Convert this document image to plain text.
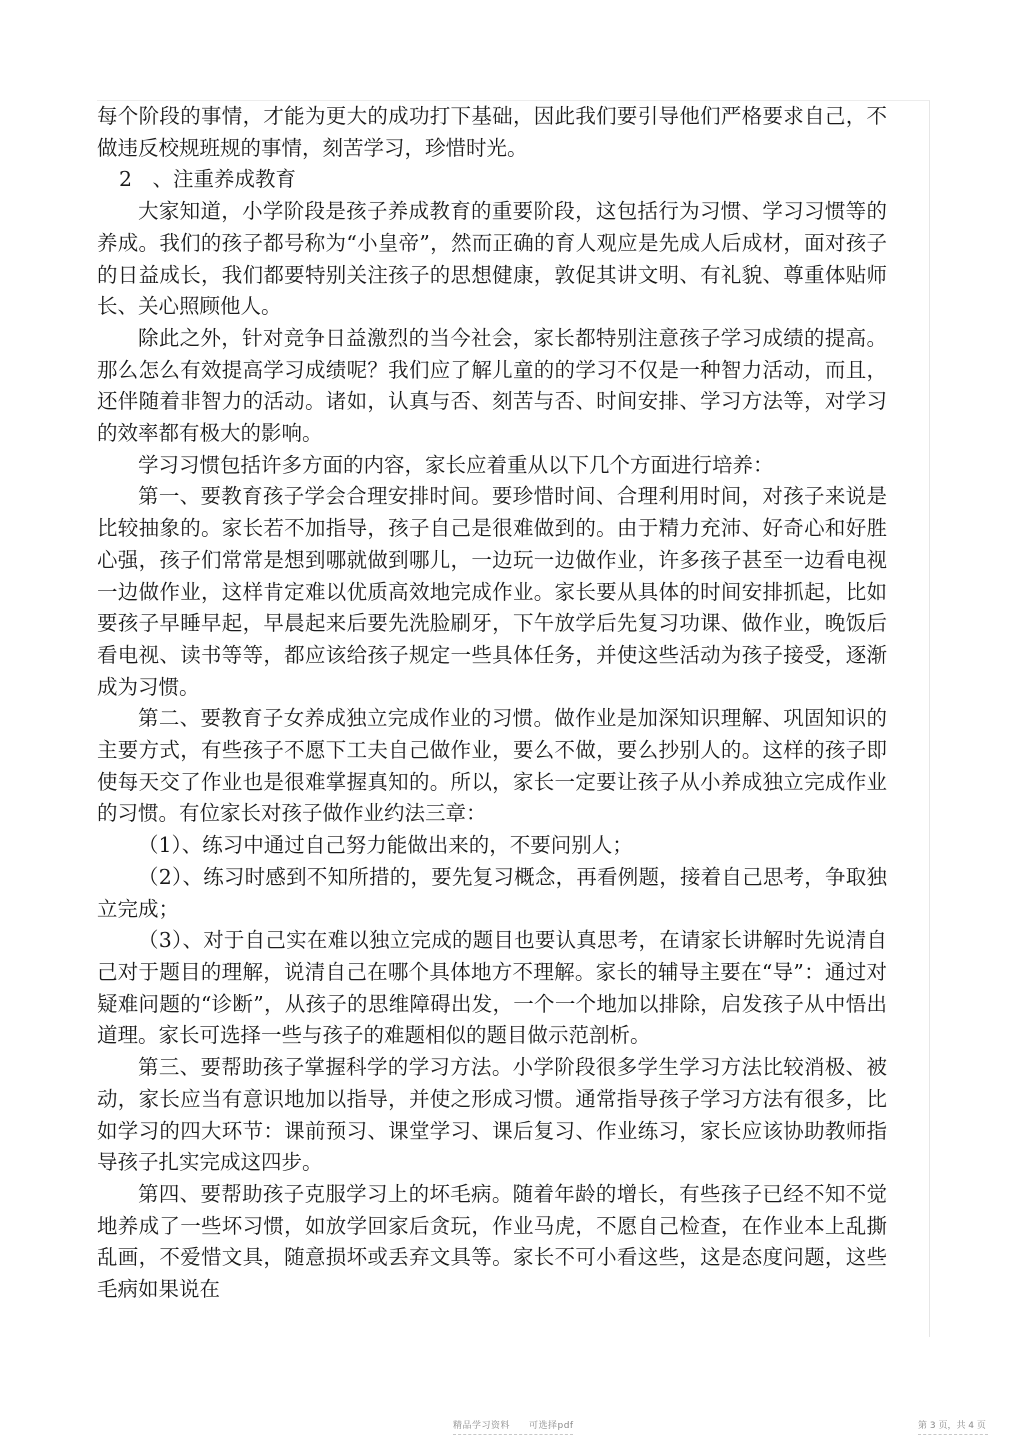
每个阶段的事情，才能为更大的成功打下基础，因此我们要引导他们严格要求自己，不做违反校规班规的事情，刻苦学习，珍惜时光。

2　、注重养成教育

大家知道，小学阶段是孩子养成教育的重要阶段，这包括行为习惯、学习习惯等的养成。我们的孩子都号称为“小皇帝”，然而正确的育人观应是先成人后成材，面对孩子的日益成长，我们都要特别关注孩子的思想健康，敦促其讲文明、有礼貌、尊重体贴师长、关心照顾他人。

除此之外，针对竞争日益激烈的当今社会，家长都特别注意孩子学习成绩的提高。那么怎么有效提高学习成绩呢？我们应了解儿童的的学习不仅是一种智力活动，而且，还伴随着非智力的活动。诸如，认真与否、刻苦与否、时间安排、学习方法等，对学习的效率都有极大的影响。

学习习惯包括许多方面的内容，家长应着重从以下几个方面进行培养：

第一、要教育孩子学会合理安排时间。要珍惜时间、合理利用时间，对孩子来说是比较抽象的。家长若不加指导，孩子自己是很难做到的。由于精力充沛、好奇心和好胜心强，孩子们常常是想到哪就做到哪儿，一边玩一边做作业，许多孩子甚至一边看电视一边做作业，这样肯定难以优质高效地完成作业。家长要从具体的时间安排抓起，比如要孩子早睡早起，早晨起来后要先洗脸刷牙，下午放学后先复习功课、做作业，晚饭后看电视、读书等等，都应该给孩子规定一些具体任务，并使这些活动为孩子接受，逐渐成为习惯。

第二、要教育子女养成独立完成作业的习惯。做作业是加深知识理解、巩固知识的主要方式，有些孩子不愿下工夫自己做作业，要么不做，要么抄别人的。这样的孩子即使每天交了作业也是很难掌握真知的。所以，家长一定要让孩子从小养成独立完成作业的习惯。有位家长对孩子做作业约法三章：

（1）、练习中通过自己努力能做出来的，不要问别人；

（2）、练习时感到不知所措的，要先复习概念，再看例题，接着自己思考，争取独立完成；

（3）、对于自己实在难以独立完成的题目也要认真思考，在请家长讲解时先说清自己对于题目的理解，说清自己在哪个具体地方不理解。家长的辅导主要在“导”：通过对疑难问题的“诊断”，从孩子的思维障碍出发，一个一个地加以排除，启发孩子从中悟出道理。家长可选择一些与孩子的难题相似的题目做示范剖析。

第三、要帮助孩子掌握科学的学习方法。小学阶段很多学生学习方法比较消极、被动，家长应当有意识地加以指导，并使之形成习惯。通常指导孩子学习方法有很多，比如学习的四大环节：课前预习、课堂学习、课后复习、作业练习，家长应该协助教师指导孩子扎实完成这四步。

第四、要帮助孩子克服学习上的坏毛病。随着年龄的增长，有些孩子已经不知不觉地养成了一些坏习惯，如放学回家后贪玩，作业马虎，不愿自己检查，在作业本上乱撕乱画，不爱惜文具，随意损坏或丢弃文具等。家长不可小看这些，这是态度问题，这些毛病如果说在

精品学习资料　　可选择pdf	第 3 页，共 4 页
